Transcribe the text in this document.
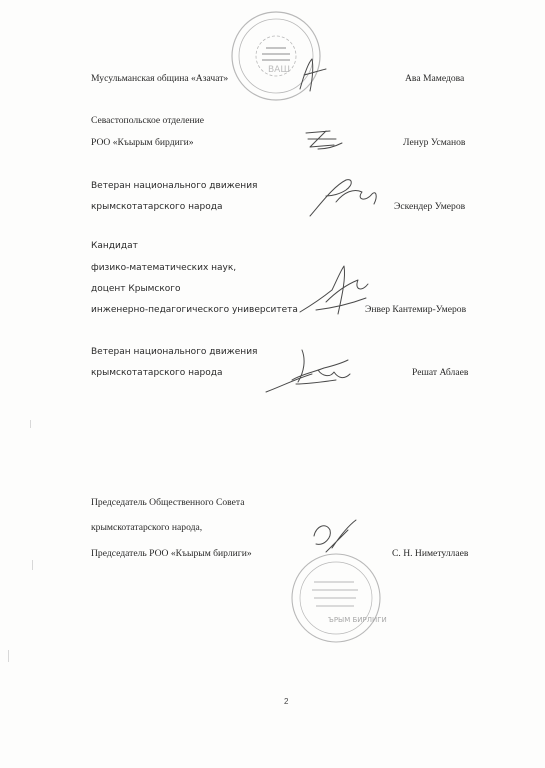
ВАШ
Мусульманская община «Азачат»	Ава Мамедова
Севастопольское отделение
РОО «Къырым бирдиги»	Ленур Усманов
Ветеран национального движения
крымскотатарского народа	Эскендер Умеров
Кандидат
физико-математических наук,
доцент Крымского
инженерно-педагогического университета	Энвер Кантемир-Умеров
Ветеран национального движения
крымскотатарского народа	Решат Аблаев
Председатель Общественного Совета
крымскотатарского народа,
Председатель РОО «Къырым бирлиги»	С. Н. Ниметуллаев
ЪРЫМ БИРЛИГИ
2
